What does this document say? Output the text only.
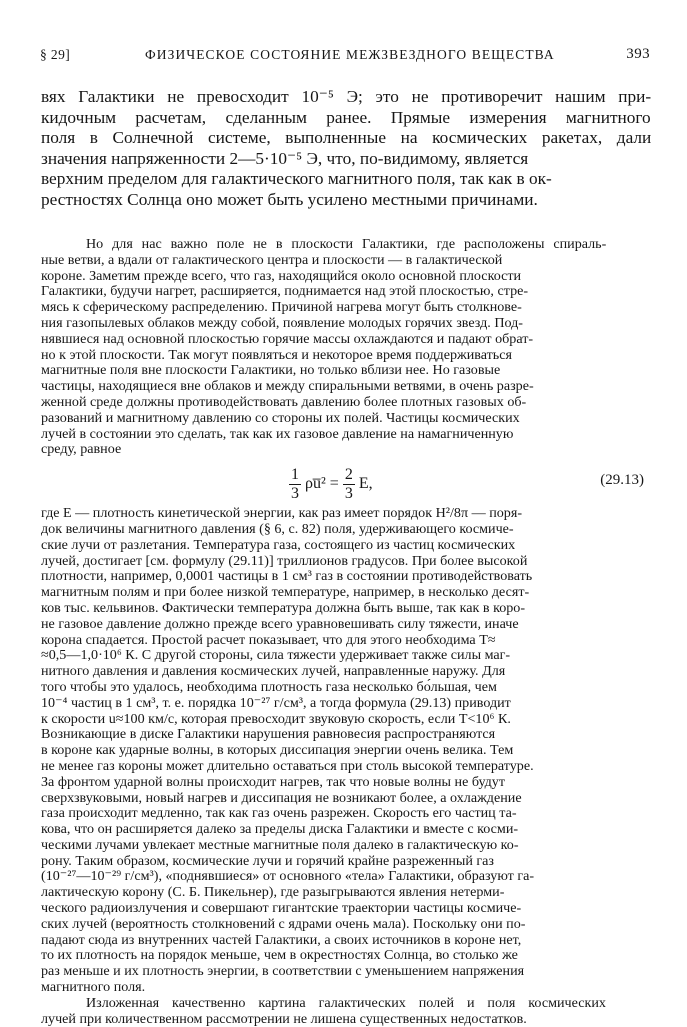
§ 29]	ФИЗИЧЕСКОЕ СОСТОЯНИЕ МЕЖЗВЕЗДНОГО ВЕЩЕСТВА	393
вях Галактики не превосходит 10⁻⁵ Э; это не противоречит нашим при-
кидочным расчетам, сделанным ранее. Прямые измерения магнитного
поля в Солнечной системе, выполненные на космических ракетах, дали
значения напряженности 2—5·10⁻⁵ Э, что, по-видимому, является
верхним пределом для галактического магнитного поля, так как в ок-
рестностях Солнца оно может быть усилено местными причинами.
Но для нас важно поле не в плоскости Галактики, где расположены спираль-
ные ветви, а вдали от галактического центра и плоскости — в галактической
короне. Заметим прежде всего, что газ, находящийся около основной плоскости
Галактики, будучи нагрет, расширяется, поднимается над этой плоскостью, стре-
мясь к сферическому распределению. Причиной нагрева могут быть столкнове-
ния газопылевых облаков между собой, появление молодых горячих звезд. Под-
нявшиеся над основной плоскостью горячие массы охлаждаются и падают обрат-
но к этой плоскости. Так могут появляться и некоторое время поддерживаться
магнитные поля вне плоскости Галактики, но только вблизи нее. Но газовые
частицы, находящиеся вне облаков и между спиральными ветвями, в очень разре-
женной среде должны противодействовать давлению более плотных газовых об-
разований и магнитному давлению со стороны их полей. Частицы космических
лучей в состоянии это сделать, так как их газовое давление на намагниченную
среду, равное
$\frac{1}{3}$ ρu̅² = $\frac{2}{3} E$,	(29.13)
где E — плотность кинетической энергии, как раз имеет порядок H²/8π — поря-
док величины магнитного давления (§ 6, с. 82) поля, удерживающего космиче-
ские лучи от разлетания. Температура газа, состоящего из частиц космических
лучей, достигает [см. формулу (29.11)] триллионов градусов. При более высокой
плотности, например, 0,0001 частицы в 1 см³ газ в состоянии противодействовать
магнитным полям и при более низкой температуре, например, в несколько десят-
ков тыс. кельвинов. Фактически температура должна быть выше, так как в коро-
не газовое давление должно прежде всего уравновешивать силу тяжести, иначе
корона спадается. Простой расчет показывает, что для этого необходима T≈
≈0,5—1,0·10⁶ К. С другой стороны, сила тяжести удерживает также силы маг-
нитного давления и давления космических лучей, направленные наружу. Для
того чтобы это удалось, необходима плотность газа несколько бо́льшая, чем
10⁻⁴ частиц в 1 см³, т. е. порядка 10⁻²⁷ г/см³, а тогда формула (29.13) приводит
к скорости u≈100 км/с, которая превосходит звуковую скорость, если T<10⁶ К.
Возникающие в диске Галактики нарушения равновесия распространяются
в короне как ударные волны, в которых диссипация энергии очень велика. Тем
не менее газ короны может длительно оставаться при столь высокой температуре.
За фронтом ударной волны происходит нагрев, так что новые волны не будут
сверхзвуковыми, новый нагрев и диссипация не возникают более, а охлаждение
газа происходит медленно, так как газ очень разрежен. Скорость его частиц та-
кова, что он расширяется далеко за пределы диска Галактики и вместе с косми-
ческими лучами увлекает местные магнитные поля далеко в галактическую ко-
рону. Таким образом, космические лучи и горячий крайне разреженный газ
(10⁻²⁷—10⁻²⁹ г/см³), «поднявшиеся» от основного «тела» Галактики, образуют га-
лактическую корону (С. Б. Пикельнер), где разыгрываются явления нетерми-
ческого радиоизлучения и совершают гигантские траектории частицы космиче-
ских лучей (вероятность столкновений с ядрами очень мала). Поскольку они по-
падают сюда из внутренних частей Галактики, а своих источников в короне нет,
то их плотность на порядок меньше, чем в окрестностях Солнца, во столько же
раз меньше и их плотность энергии, в соответствии с уменьшением напряжения
магнитного поля.
Изложенная качественно картина галактических полей и поля космических
лучей при количественном рассмотрении не лишена существенных недостатков.
